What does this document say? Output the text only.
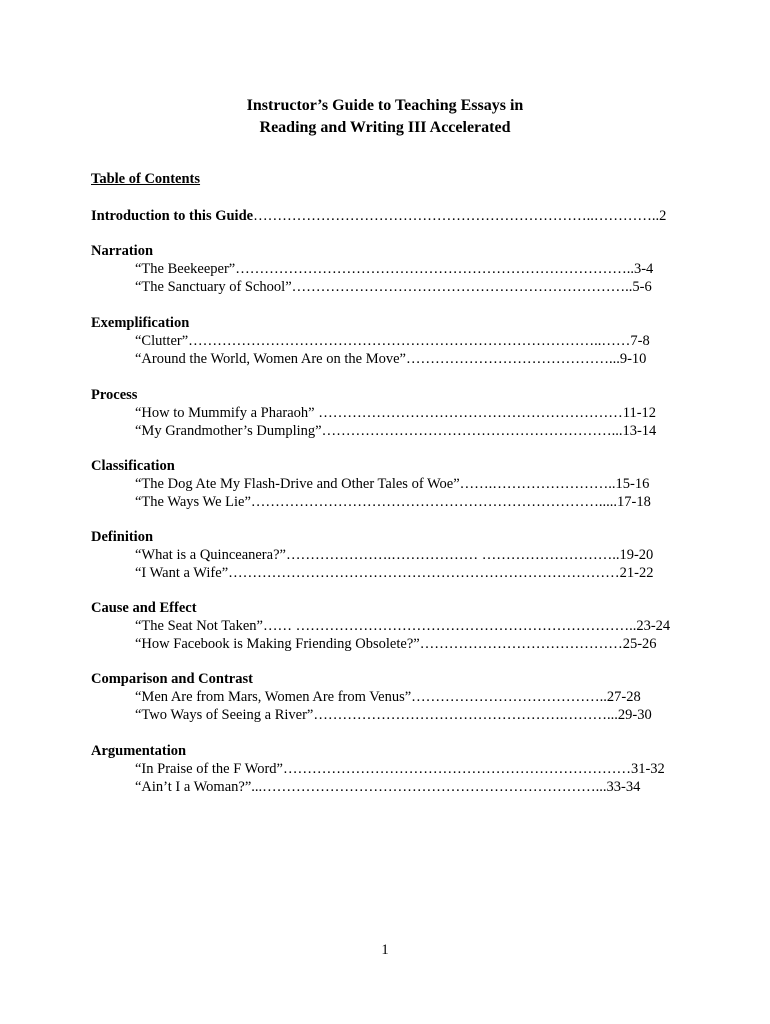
Instructor’s Guide to Teaching Essays in
Reading and Writing III Accelerated
Table of Contents
Introduction to this Guide……………………………………………………………..…………..2
Narration
“The Beekeeper”………………………………………………………………………..3-4
“The Sanctuary of School”……………………………………………………………..5-6
Exemplification
“Clutter”…………………………………………………………………………..……7-8
“Around the World, Women Are on the Move”……………………………………...9-10
Process
“How to Mummify a Pharaoh” ………………………………………………………11-12
“My Grandmother’s Dumpling”……………………………………………………...13-14
Classification
“The Dog Ate My Flash-Drive and Other Tales of Woe”…….……………………..15-16
“The Ways We Lie”……………………………………………………………….....17-18
Definition
“What is a Quinceanera?”………………….……………… ………………………..19-20
“I Want a Wife”………………………………………………………………………21-22
Cause and Effect
“The Seat Not Taken”…… ……………………………………………………………..23-24
“How Facebook is Making Friending Obsolete?”……………………………………25-26
Comparison and Contrast
“Men Are from Mars, Women Are from Venus”…………………………………..27-28
“Two Ways of Seeing a River”…………………………………………….………...29-30
Argumentation
“In Praise of the F Word”………………………………………………………………31-32
“Ain’t I a Woman?”...……………………………………………………………...33-34
1
